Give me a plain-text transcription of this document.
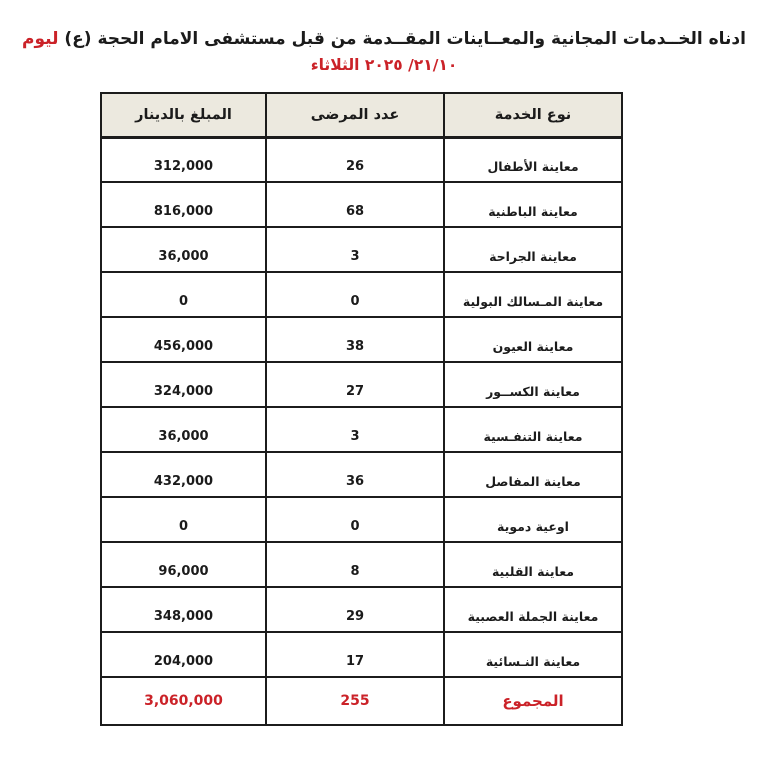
ادناه الخــدمات المجانية والمعــاينات المقــدمة من قبل مستشفى الامام الحجة (ع) ليوم
٢١/١٠/ ٢٠٢٥ الثلاثاء
نوع الخدمة	عدد المرضى	المبلغ بالدينار
معاينة الأطفال	26	312,000
معاينة الباطنية	68	816,000
معاينة الجراحة	3	36,000
معاينة المـسالك البولية	0	0
معاينة العيون	38	456,000
معاينة الكســور	27	324,000
معاينة التنفـسية	3	36,000
معاينة المفاصل	36	432,000
اوعية دموية	0	0
معاينة القلبية	8	96,000
معاينة الجملة العصبية	29	348,000
معاينة النـسائية	17	204,000
المجموع	255	3,060,000
